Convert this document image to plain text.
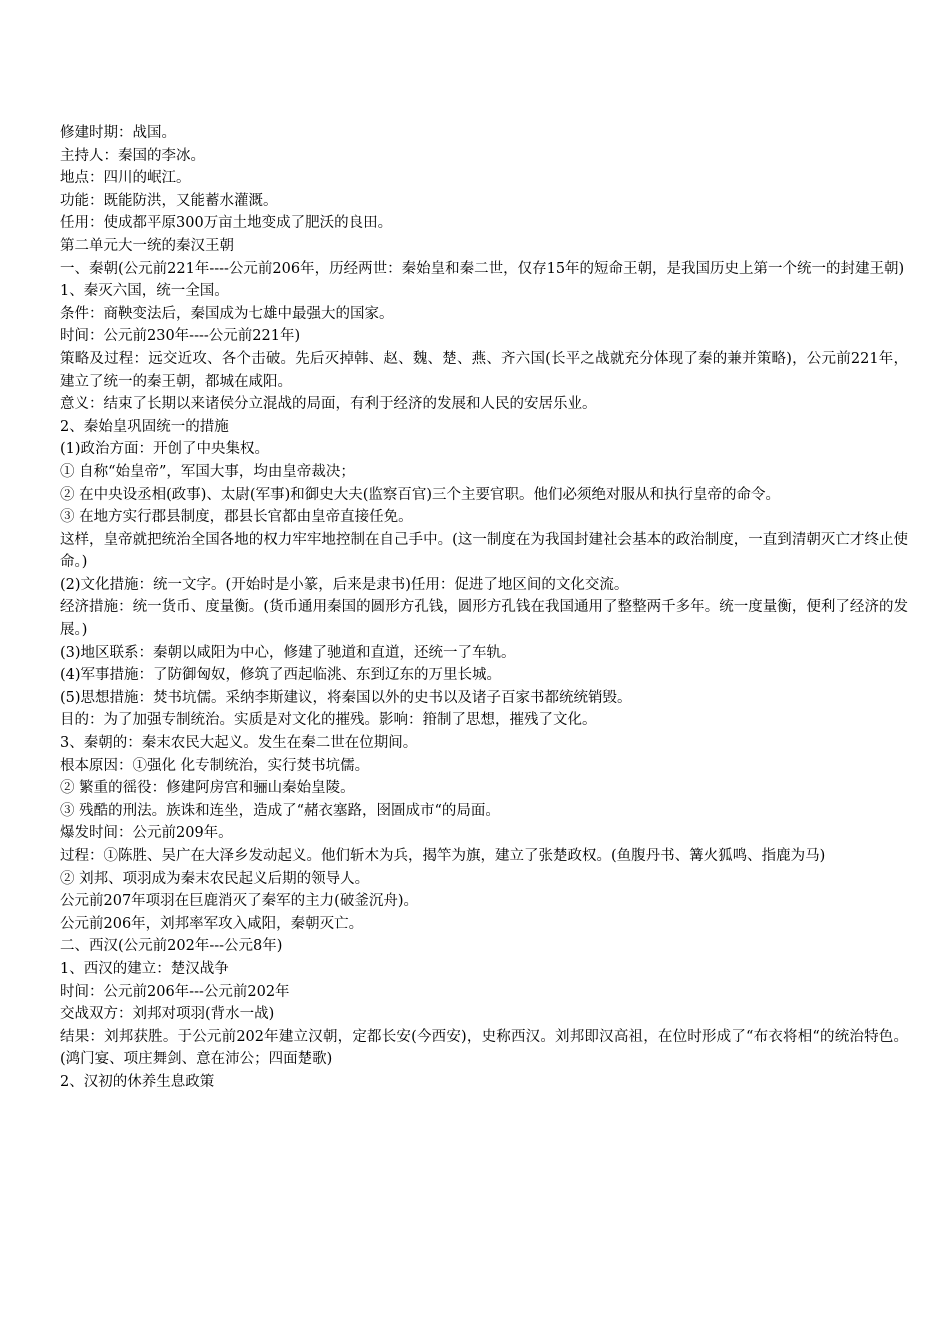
修建时期：战国。

主持人：秦国的李冰。

地点：四川的岷江。

功能：既能防洪，又能蓄水灌溉。

任用：使成都平原300万亩土地变成了肥沃的良田。

第二单元大一统的秦汉王朝

一、秦朝(公元前221年----公元前206年，历经两世：秦始皇和秦二世，仅存15年的短命王朝，是我国历史上第一个统一的封建王朝)

1、秦灭六国，统一全国。

条件：商鞅变法后，秦国成为七雄中最强大的国家。

时间：公元前230年----公元前221年)

策略及过程：远交近攻、各个击破。先后灭掉韩、赵、魏、楚、燕、齐六国(长平之战就充分体现了秦的兼并策略)，公元前221年，建立了统一的秦王朝，都城在咸阳。

意义：结束了长期以来诸侯分立混战的局面，有利于经济的发展和人民的安居乐业。

2、秦始皇巩固统一的措施

(1)政治方面：开创了中央集权。

① 自称“始皇帝”，军国大事，均由皇帝裁决；

② 在中央设丞相(政事)、太尉(军事)和御史大夫(监察百官)三个主要官职。他们必须绝对服从和执行皇帝的命令。

③ 在地方实行郡县制度，郡县长官都由皇帝直接任免。

这样，皇帝就把统治全国各地的权力牢牢地控制在自己手中。(这一制度在为我国封建社会基本的政治制度，一直到清朝灭亡才终止使命。)

(2)文化措施：统一文字。(开始时是小篆，后来是隶书)任用：促进了地区间的文化交流。

经济措施：统一货币、度量衡。(货币通用秦国的圆形方孔钱，圆形方孔钱在我国通用了整整两千多年。统一度量衡，便利了经济的发展。)

(3)地区联系：秦朝以咸阳为中心，修建了驰道和直道，还统一了车轨。

(4)军事措施：了防御匈奴，修筑了西起临洮、东到辽东的万里长城。

(5)思想措施：焚书坑儒。采纳李斯建议，将秦国以外的史书以及诸子百家书都统统销毁。

目的：为了加强专制统治。实质是对文化的摧残。影响：箝制了思想，摧残了文化。

3、秦朝的：秦末农民大起义。发生在秦二世在位期间。

根本原因：①强化 化专制统治，实行焚书坑儒。

② 繁重的徭役：修建阿房宫和骊山秦始皇陵。

③ 残酷的刑法。族诛和连坐，造成了“赭衣塞路，囹圄成市“的局面。

爆发时间：公元前209年。

过程：①陈胜、吴广在大泽乡发动起义。他们斩木为兵，揭竿为旗，建立了张楚政权。(鱼腹丹书、篝火狐鸣、指鹿为马)

② 刘邦、项羽成为秦末农民起义后期的领导人。

公元前207年项羽在巨鹿消灭了秦军的主力(破釜沉舟)。

公元前206年，刘邦率军攻入咸阳，秦朝灭亡。

二、西汉(公元前202年---公元8年)

1、西汉的建立：楚汉战争

时间：公元前206年---公元前202年

交战双方：刘邦对项羽(背水一战)

结果：刘邦获胜。于公元前202年建立汉朝，定都长安(今西安)，史称西汉。刘邦即汉高祖，在位时形成了“布衣将相“的统治特色。(鸿门宴、项庄舞剑、意在沛公；四面楚歌)

2、汉初的休养生息政策
